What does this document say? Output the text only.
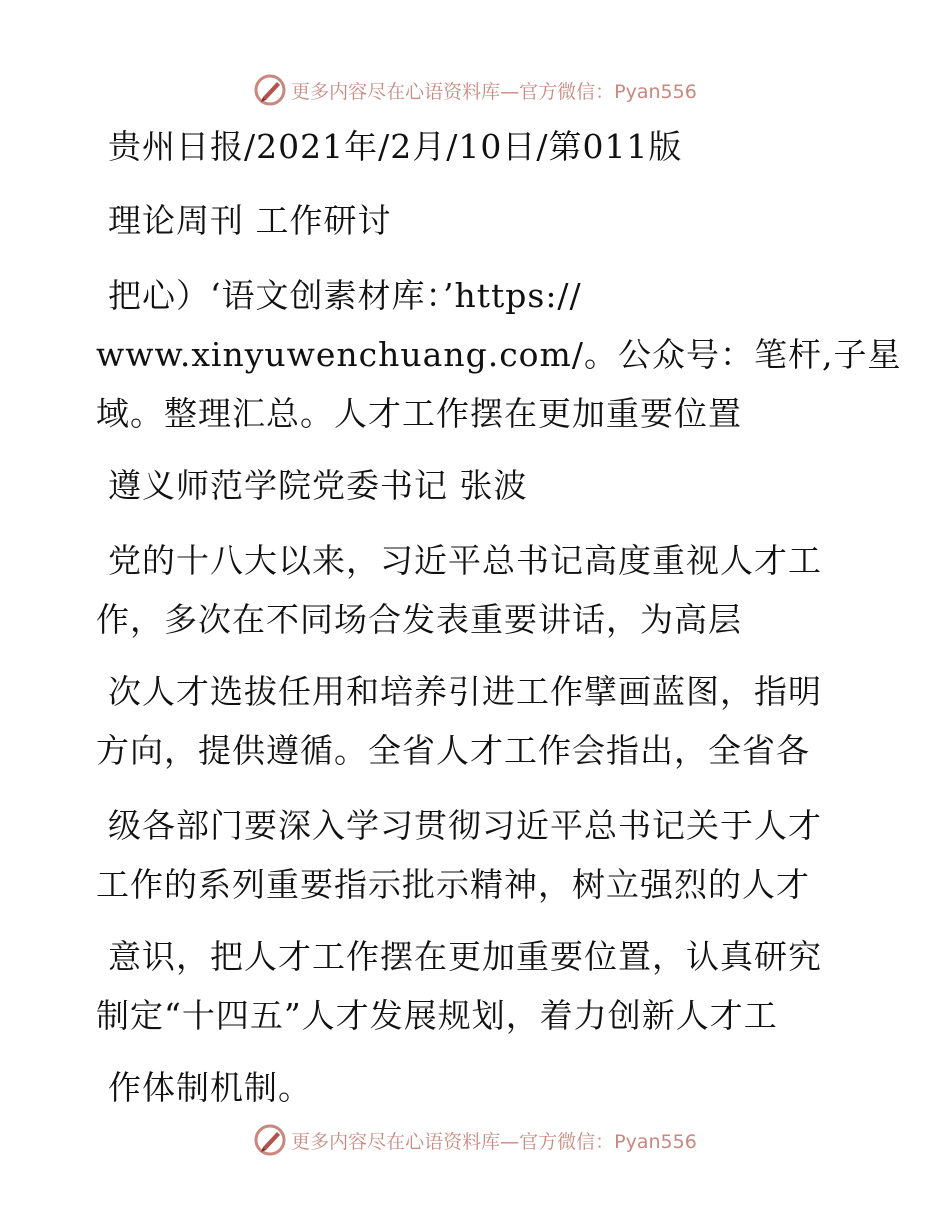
更多内容尽在心语资料库—官方微信：Pyan556
贵州日报/2021年/2月/10日/第011版
理论周刊 工作研讨
把心）‘语文创素材库：’https://
www.xinyuwenchuang.com/。公众号：笔杆,子星
域。整理汇总。人才工作摆在更加重要位置
遵义师范学院党委书记 张波
党的十八大以来，习近平总书记高度重视人才工
作，多次在不同场合发表重要讲话，为高层
次人才选拔任用和培养引进工作擘画蓝图，指明
方向，提供遵循。全省人才工作会指出，全省各
级各部门要深入学习贯彻习近平总书记关于人才
工作的系列重要指示批示精神，树立强烈的人才
意识，把人才工作摆在更加重要位置，认真研究
制定“十四五”人才发展规划，着力创新人才工
作体制机制。
更多内容尽在心语资料库—官方微信：Pyan556
